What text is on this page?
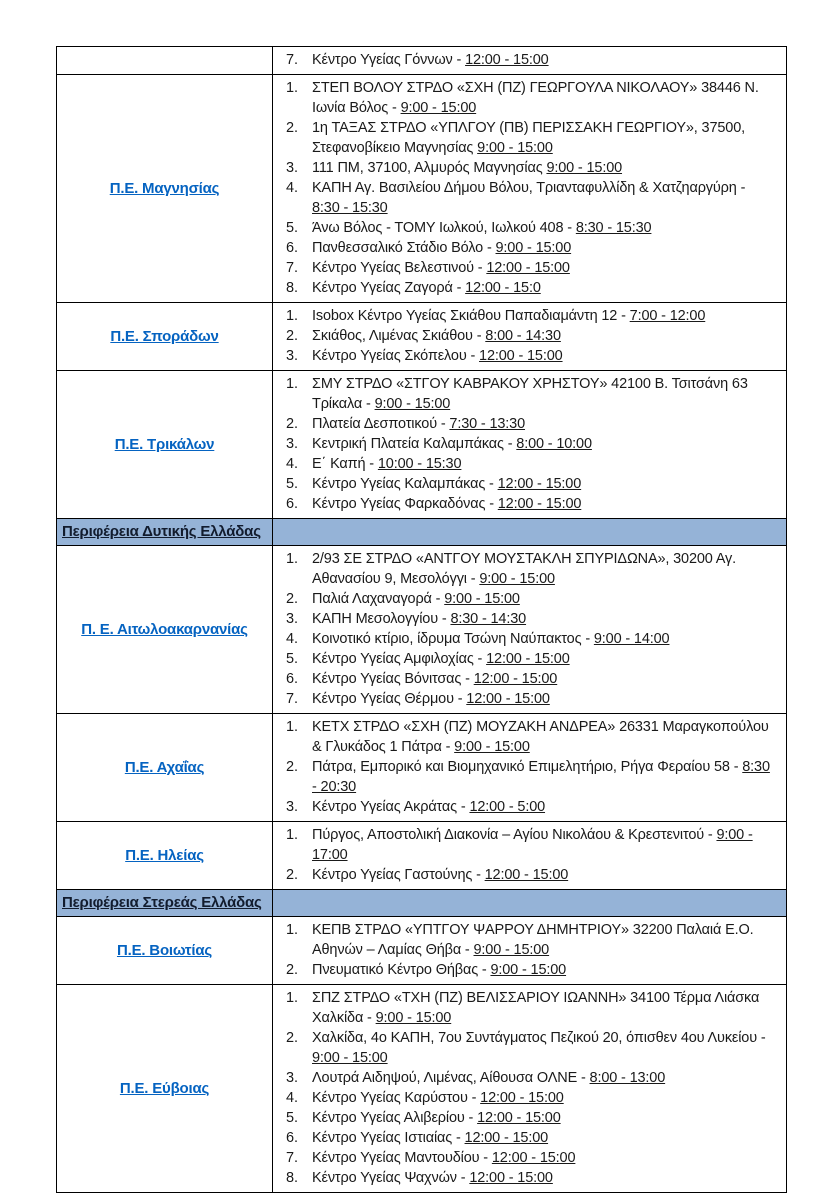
7. Κέντρο Υγείας Γόννων - 12:00 - 15:00
Π.Ε. Μαγνησίας
1. ΣΤΕΠ ΒΟΛΟΥ ΣΤΡΔΟ «ΣΧΗ (ΠΖ) ΓΕΩΡΓΟΥΛΑ ΝΙΚΟΛΑΟΥ» 38446 Ν. Ιωνία Βόλος - 9:00 - 15:00
2. 1η ΤΑΞΑΣ ΣΤΡΔΟ «ΥΠΛΓΟΥ (ΠΒ) ΠΕΡΙΣΣΑΚΗ ΓΕΩΡΓΙΟΥ», 37500, Στεφανοβίκειο Μαγνησίας 9:00 - 15:00
3. 111 ΠΜ, 37100, Αλμυρός Μαγνησίας 9:00 - 15:00
4. ΚΑΠΗ Αγ. Βασιλείου Δήμου Βόλου, Τριανταφυλλίδη & Χατζηαργύρη - 8:30 - 15:30
5. Άνω Βόλος - ΤΟΜΥ Ιωλκού, Ιωλκού 408 - 8:30 - 15:30
6. Πανθεσσαλικό Στάδιο Βόλο - 9:00 - 15:00
7. Κέντρο Υγείας Βελεστινού - 12:00 - 15:00
8. Κέντρο Υγείας Ζαγορά - 12:00 - 15:0
Π.Ε. Σποράδων
1. Isobox Κέντρο Υγείας Σκιάθου Παπαδιαμάντη 12 - 7:00 - 12:00
2. Σκιάθος, Λιμένας Σκιάθου - 8:00 - 14:30
3. Κέντρο Υγείας Σκόπελου - 12:00 - 15:00
Π.Ε. Τρικάλων
1. ΣΜΥ ΣΤΡΔΟ «ΣΤΓΟΥ ΚΑΒΡΑΚΟΥ ΧΡΗΣΤΟΥ» 42100 Β. Τσιτσάνη 63 Τρίκαλα - 9:00 - 15:00
2. Πλατεία Δεσποτικού - 7:30 - 13:30
3. Κεντρική Πλατεία Καλαμπάκας - 8:00 - 10:00
4. Ε΄ Καπή - 10:00 - 15:30
5. Κέντρο Υγείας Καλαμπάκας - 12:00 - 15:00
6. Κέντρο Υγείας Φαρκαδόνας - 12:00 - 15:00
Περιφέρεια Δυτικής Ελλάδας
Π. Ε. Αιτωλοακαρνανίας
1. 2/93 ΣΕ ΣΤΡΔΟ «ΑΝΤΓΟΥ ΜΟΥΣΤΑΚΛΗ ΣΠΥΡΙΔΩΝΑ», 30200 Αγ. Αθανασίου 9, Μεσολόγγι - 9:00 - 15:00
2. Παλιά Λαχαναγορά - 9:00 - 15:00
3. ΚΑΠΗ Μεσολογγίου - 8:30 - 14:30
4. Κοινοτικό κτίριο, ίδρυμα Τσώνη Ναύπακτος - 9:00 - 14:00
5. Κέντρο Υγείας Αμφιλοχίας - 12:00 - 15:00
6. Κέντρο Υγείας Βόνιτσας - 12:00 - 15:00
7. Κέντρο Υγείας Θέρμου - 12:00 - 15:00
Π.Ε. Αχαΐας
1. ΚΕΤΧ ΣΤΡΔΟ «ΣΧΗ (ΠΖ) ΜΟΥΖΑΚΗ ΑΝΔΡΕΑ» 26331 Μαραγκοπούλου & Γλυκάδος 1 Πάτρα - 9:00 - 15:00
2. Πάτρα, Εμπορικό και Βιομηχανικό Επιμελητήριο, Ρήγα Φεραίου 58 - 8:30 - 20:30
3. Κέντρο Υγείας Ακράτας - 12:00 - 5:00
Π.Ε. Ηλείας
1. Πύργος, Αποστολική Διακονία – Αγίου Νικολάου & Κρεστενιτού - 9:00 - 17:00
2. Κέντρο Υγείας Γαστούνης - 12:00 - 15:00
Περιφέρεια Στερεάς Ελλάδας
Π.Ε. Βοιωτίας
1. ΚΕΠΒ ΣΤΡΔΟ «ΥΠΤΓΟΥ ΨΑΡΡΟΥ ΔΗΜΗΤΡΙΟΥ» 32200 Παλαιά Ε.Ο. Αθηνών – Λαμίας Θήβα - 9:00 - 15:00
2. Πνευματικό Κέντρο Θήβας - 9:00 - 15:00
Π.Ε. Εύβοιας
1. ΣΠΖ ΣΤΡΔΟ «ΤΧΗ (ΠΖ) ΒΕΛΙΣΣΑΡΙΟΥ ΙΩΑΝΝΗ» 34100 Τέρμα Λιάσκα Χαλκίδα - 9:00 - 15:00
2. Χαλκίδα, 4ο ΚΑΠΗ, 7ου Συντάγματος Πεζικού 20, όπισθεν 4ου Λυκείου - 9:00 - 15:00
3. Λουτρά Αιδηψού, Λιμένας, Αίθουσα ΟΛΝΕ - 8:00 - 13:00
4. Κέντρο Υγείας Καρύστου - 12:00 - 15:00
5. Κέντρο Υγείας Αλιβερίου - 12:00 - 15:00
6. Κέντρο Υγείας Ιστιαίας - 12:00 - 15:00
7. Κέντρο Υγείας Μαντουδίου - 12:00 - 15:00
8. Κέντρο Υγείας Ψαχνών - 12:00 - 15:00
